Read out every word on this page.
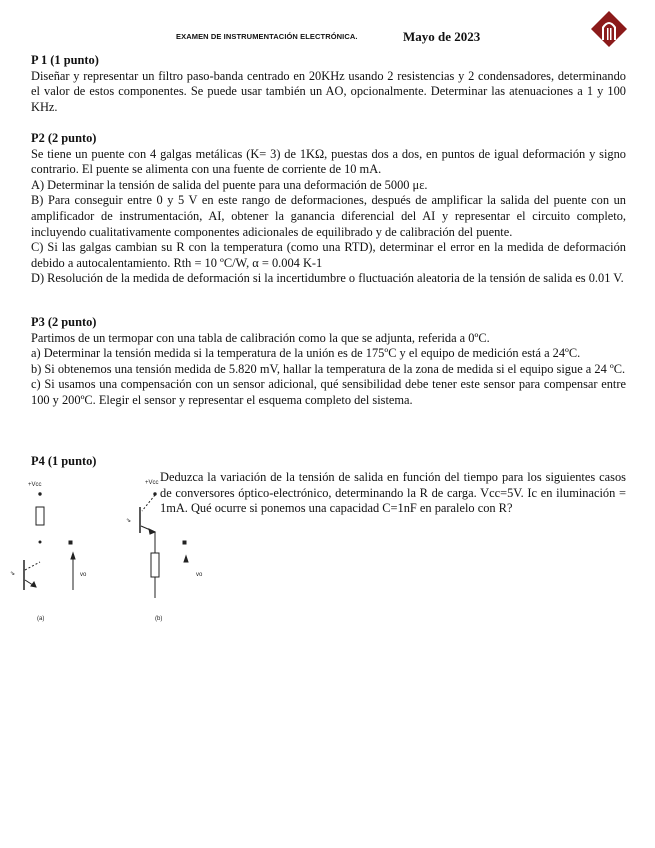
EXAMEN DE INSTRUMENTACIÓN ELECTRÓNICA.	Mayo de 2023
P 1 (1 punto)

Diseñar y representar un filtro paso-banda centrado en 20KHz usando 2 resistencias y 2 condensadores, determinando el valor de estos componentes. Se puede usar también un AO, opcionalmente. Determinar las atenuaciones a 1 y 100 KHz.

P2 (2 punto)

Se tiene un puente con 4 galgas metálicas (K= 3) de 1KΩ, puestas dos a dos, en puntos de igual deformación y signo contrario. El puente se alimenta con una fuente de corriente de 10 mA.

A) Determinar la tensión de salida del puente para una deformación de 5000 με.

B) Para conseguir entre 0 y 5 V en este rango de deformaciones, después de amplificar la salida del puente con un amplificador de instrumentación, AI, obtener la ganancia diferencial del AI y representar el circuito completo, incluyendo cualitativamente componentes adicionales de equilibrado y de calibración del puente.

C) Si las galgas cambian su R con la temperatura (como una RTD), determinar el error en la medida de deformación debido a autocalentamiento. Rth = 10 ºC/W, α = 0.004 K-1

D) Resolución de la medida de deformación si la incertidumbre o fluctuación aleatoria de la tensión de salida es 0.01 V.

P3 (2 punto)

Partimos de un termopar con una tabla de calibración como la que se adjunta, referida a 0ºC.

a) Determinar la tensión medida si la temperatura de la unión es de 175ºC y el equipo de medición está a 24ºC.

b) Si obtenemos una tensión medida de 5.820 mV, hallar la temperatura de la zona de medida si el equipo sigue a 24 ºC.

c) Si usamos una compensación con un sensor adicional, qué sensibilidad debe tener este sensor para compensar entre 100 y 200ºC. Elegir el sensor y representar el esquema completo del sistema.

P4 (1 punto)

Deduzca la variación de la tensión de salida en función del tiempo para los siguientes casos de conversores óptico-electrónico, determinando la R de carga. Vcc=5V. Ic en iluminación = 1mA. Qué ocurre si ponemos una capacidad C=1nF en paralelo con R?

+Vcc
⇘	vo
(a)
+Vcc
⇘
vo
(b)
